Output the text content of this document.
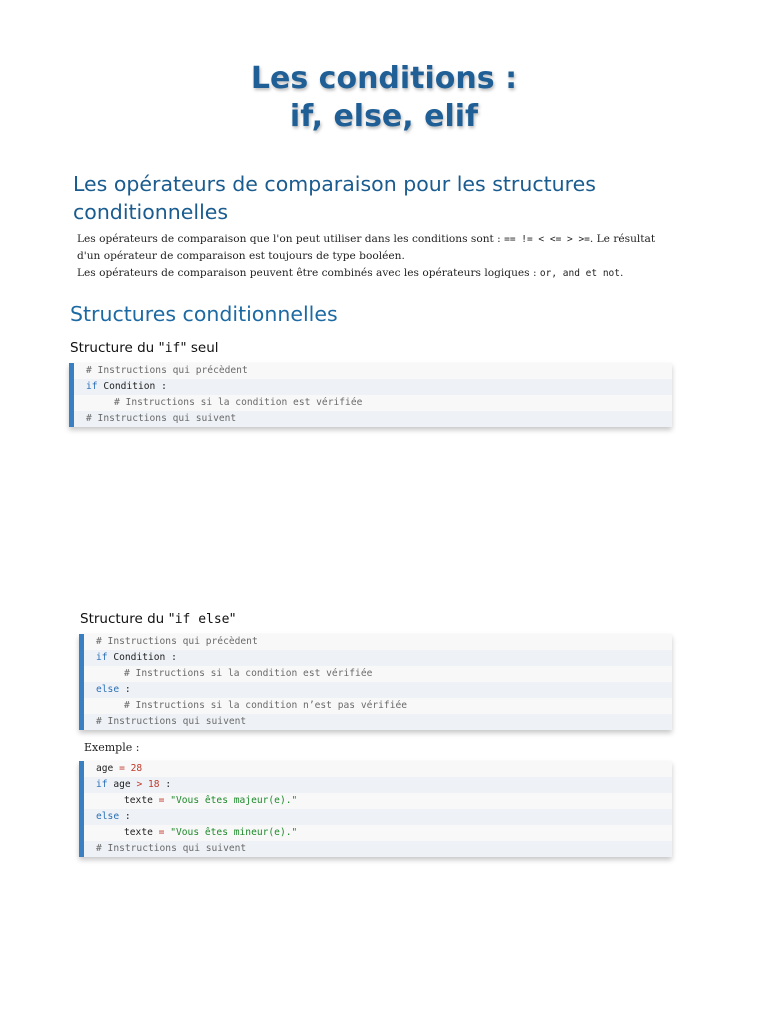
Les conditions :
if, else, elif
Les opérateurs de comparaison pour les structures conditionnelles
Les opérateurs de comparaison que l'on peut utiliser dans les conditions sont : == != < <= > >=. Le résultat d'un opérateur de comparaison est toujours de type booléen.
Les opérateurs de comparaison peuvent être combinés avec les opérateurs logiques : or, and et not.
Structures conditionnelles
Structure du "if" seul
# Instructions qui précèdent
if Condition :
# Instructions si la condition est vérifiée
# Instructions qui suivent
Structure du "if else"
# Instructions qui précèdent
if Condition :
# Instructions si la condition est vérifiée
else :
# Instructions si la condition n’est pas vérifiée
# Instructions qui suivent
Exemple :
age = 28
if age > 18 :
texte = "Vous êtes majeur(e)."
else :
texte = "Vous êtes mineur(e)."
# Instructions qui suivent
